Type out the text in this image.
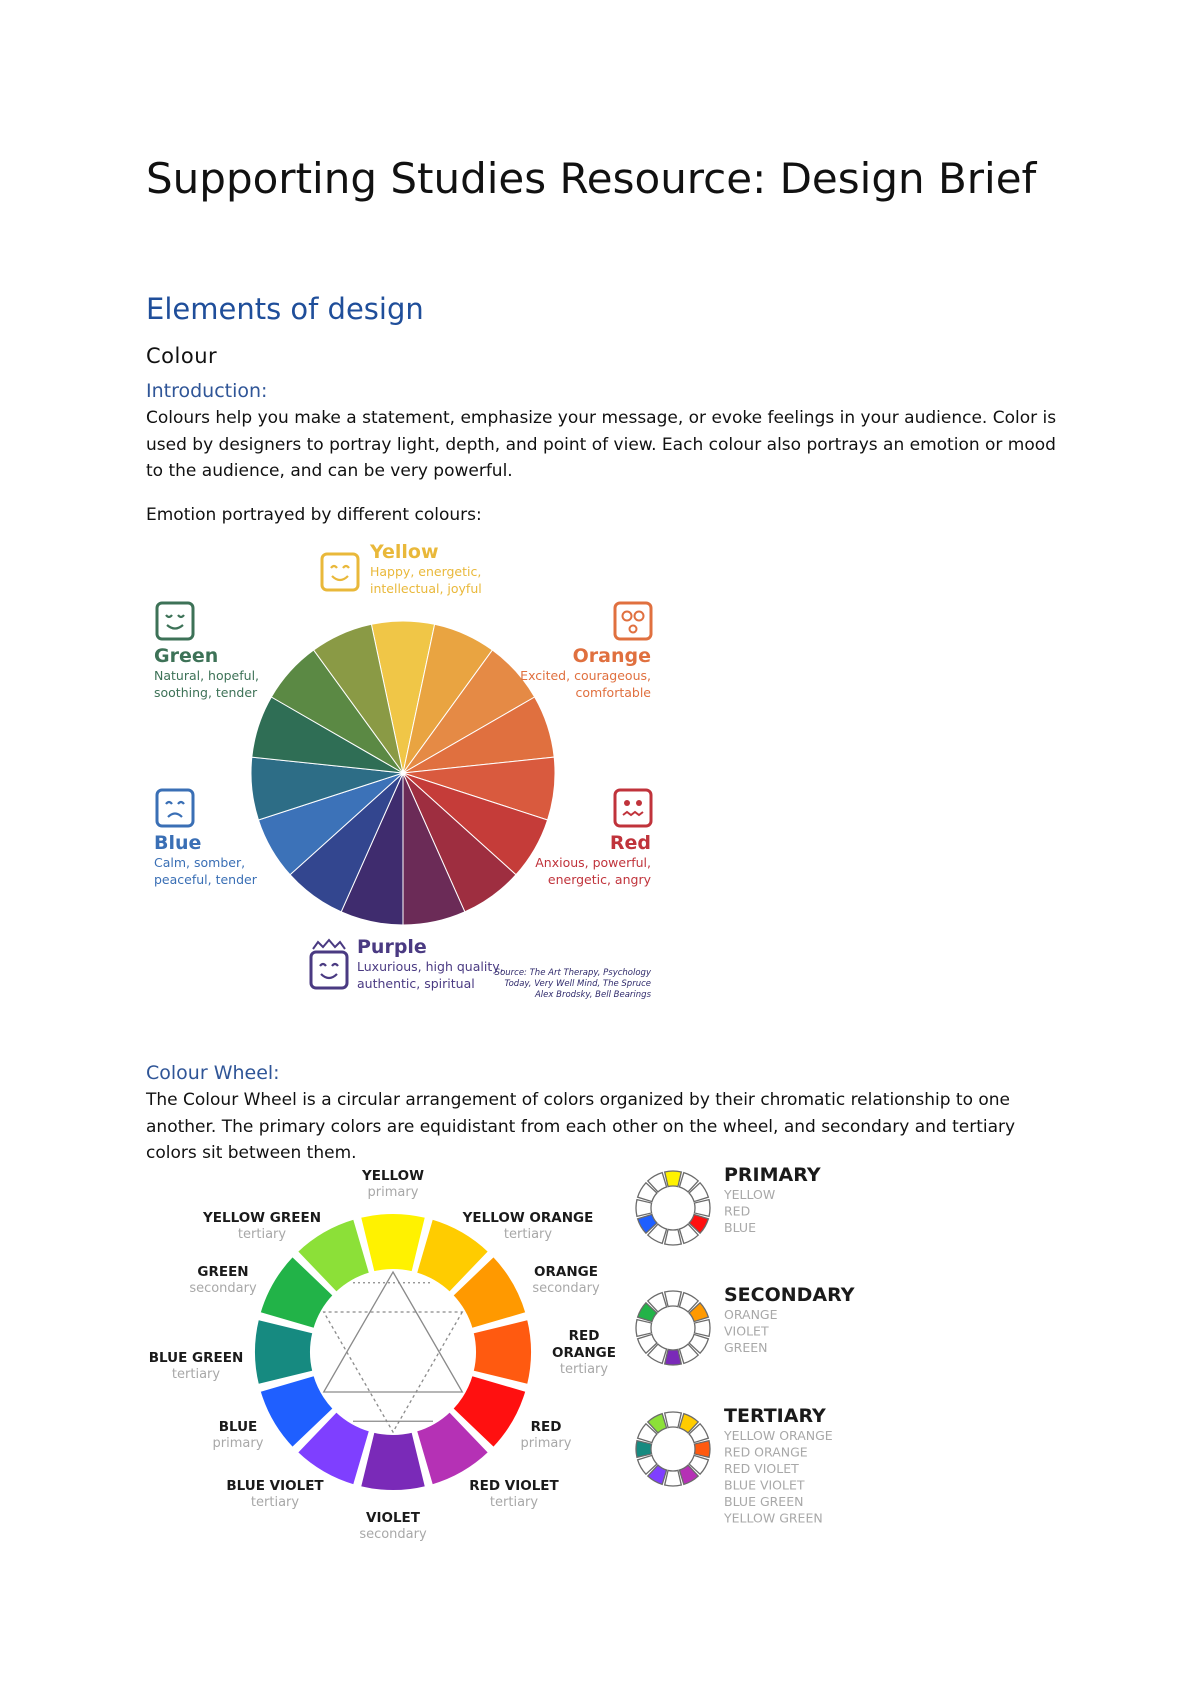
Supporting Studies Resource: Design Brief
Elements of design
Colour
Introduction:

Colours help you make a statement, emphasize your message, or evoke feelings in your audience. Color is used by designers to portray light, depth, and point of view. Each colour also portrays an emotion or mood to the audience, and can be very powerful.

Emotion portrayed by different colours:

Yellow
Happy, energetic,
intellectual, joyful
Orange
Excited, courageous,
comfortable
Red
Anxious, powerful,
energetic, angry
Purple
Luxurious, high quality,
authentic, spiritual
Blue
Calm, somber,
peaceful, tender
Green
Natural, hopeful,
soothing, tender
Source: The Art Therapy, Psychology
Today, Very Well Mind, The Spruce
Alex Brodsky, Bell Bearings
YELLOW
primary
YELLOW ORANGE
tertiary
ORANGE
secondary
RED
ORANGE
tertiary
RED
primary
RED VIOLET
tertiary
VIOLET
secondary
BLUE VIOLET
tertiary
BLUE
primary
BLUE GREEN
tertiary
GREEN
secondary
YELLOW GREEN
tertiary
PRIMARY
YELLOW
RED
BLUE
SECONDARY
ORANGE
VIOLET
GREEN
TERTIARY
YELLOW ORANGE
RED ORANGE
RED VIOLET
BLUE VIOLET
BLUE GREEN
YELLOW GREEN
Colour Wheel:

The Colour Wheel is a circular arrangement of colors organized by their chromatic relationship to one another. The primary colors are equidistant from each other on the wheel, and secondary and tertiary colors sit between them.
